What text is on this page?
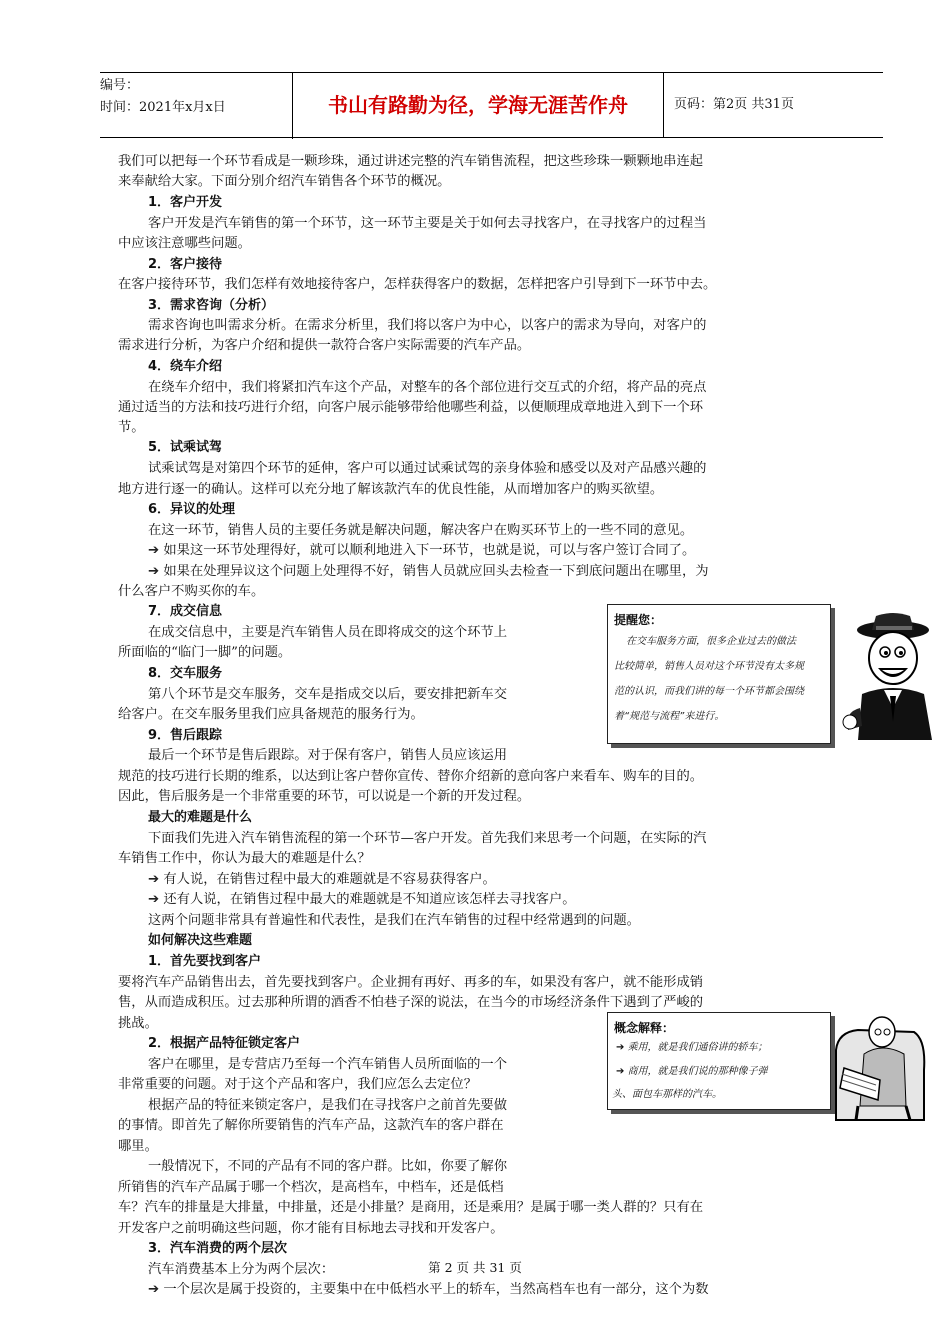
编号：
时间：2021年x月x日	书山有路勤为径，学海无涯苦作舟	页码：第2页 共31页
我们可以把每一个环节看成是一颗珍珠，通过讲述完整的汽车销售流程，把这些珍珠一颗颗地串连起
来奉献给大家。下面分别介绍汽车销售各个环节的概况。
1．客户开发
客户开发是汽车销售的第一个环节，这一环节主要是关于如何去寻找客户，在寻找客户的过程当
中应该注意哪些问题。
2．客户接待
在客户接待环节，我们怎样有效地接待客户，怎样获得客户的数据，怎样把客户引导到下一环节中去。
3．需求咨询（分析）
需求咨询也叫需求分析。在需求分析里，我们将以客户为中心，以客户的需求为导向，对客户的
需求进行分析，为客户介绍和提供一款符合客户实际需要的汽车产品。
4．绕车介绍
在绕车介绍中，我们将紧扣汽车这个产品，对整车的各个部位进行交互式的介绍，将产品的亮点
通过适当的方法和技巧进行介绍，向客户展示能够带给他哪些利益，以便顺理成章地进入到下一个环
节。
5．试乘试驾
试乘试驾是对第四个环节的延伸，客户可以通过试乘试驾的亲身体验和感受以及对产品感兴趣的
地方进行逐一的确认。这样可以充分地了解该款汽车的优良性能，从而增加客户的购买欲望。
6．异议的处理
在这一环节，销售人员的主要任务就是解决问题，解决客户在购买环节上的一些不同的意见。
➔ 如果这一环节处理得好，就可以顺利地进入下一环节，也就是说，可以与客户签订合同了。
➔ 如果在处理异议这个问题上处理得不好，销售人员就应回头去检查一下到底问题出在哪里，为
什么客户不购买你的车。
7．成交信息
在成交信息中，主要是汽车销售人员在即将成交的这个环节上
所面临的“临门一脚”的问题。
8．交车服务
第八个环节是交车服务，交车是指成交以后，要安排把新车交
给客户。在交车服务里我们应具备规范的服务行为。
9．售后跟踪
最后一个环节是售后跟踪。对于保有客户，销售人员应该运用
规范的技巧进行长期的维系，以达到让客户替你宣传、替你介绍新的意向客户来看车、购车的目的。
因此，售后服务是一个非常重要的环节，可以说是一个新的开发过程。
最大的难题是什么
下面我们先进入汽车销售流程的第一个环节—客户开发。首先我们来思考一个问题，在实际的汽
车销售工作中，你认为最大的难题是什么？
➔ 有人说，在销售过程中最大的难题就是不容易获得客户。
➔ 还有人说，在销售过程中最大的难题就是不知道应该怎样去寻找客户。
这两个问题非常具有普遍性和代表性，是我们在汽车销售的过程中经常遇到的问题。
如何解决这些难题
1．首先要找到客户
要将汽车产品销售出去，首先要找到客户。企业拥有再好、再多的车，如果没有客户，就不能形成销
售，从而造成积压。过去那种所谓的酒香不怕巷子深的说法，在当今的市场经济条件下遇到了严峻的
挑战。
2．根据产品特征锁定客户
客户在哪里，是专营店乃至每一个汽车销售人员所面临的一个
非常重要的问题。对于这个产品和客户，我们应怎么去定位？
根据产品的特征来锁定客户，是我们在寻找客户之前首先要做
的事情。即首先了解你所要销售的汽车产品，这款汽车的客户群在
哪里。
一般情况下，不同的产品有不同的客户群。比如，你要了解你
所销售的汽车产品属于哪一个档次，是高档车，中档车，还是低档
车？汽车的排量是大排量，中排量，还是小排量？是商用，还是乘用？是属于哪一类人群的？只有在
开发客户之前明确这些问题，你才能有目标地去寻找和开发客户。
3．汽车消费的两个层次
汽车消费基本上分为两个层次：
➔ 一个层次是属于投资的，主要集中在中低档水平上的轿车，当然高档车也有一部分，这个为数
提醒您：
在交车服务方面，很多企业过去的做法
比较简单，销售人员对这个环节没有太多规
范的认识，而我们讲的每一个环节都会围绕
着“规范与流程”来进行。
概念解释：
➔ 乘用，就是我们通俗讲的轿车；
➔ 商用，就是我们说的那种像子弹
头、面包车那样的汽车。
第 2 页 共 31 页
